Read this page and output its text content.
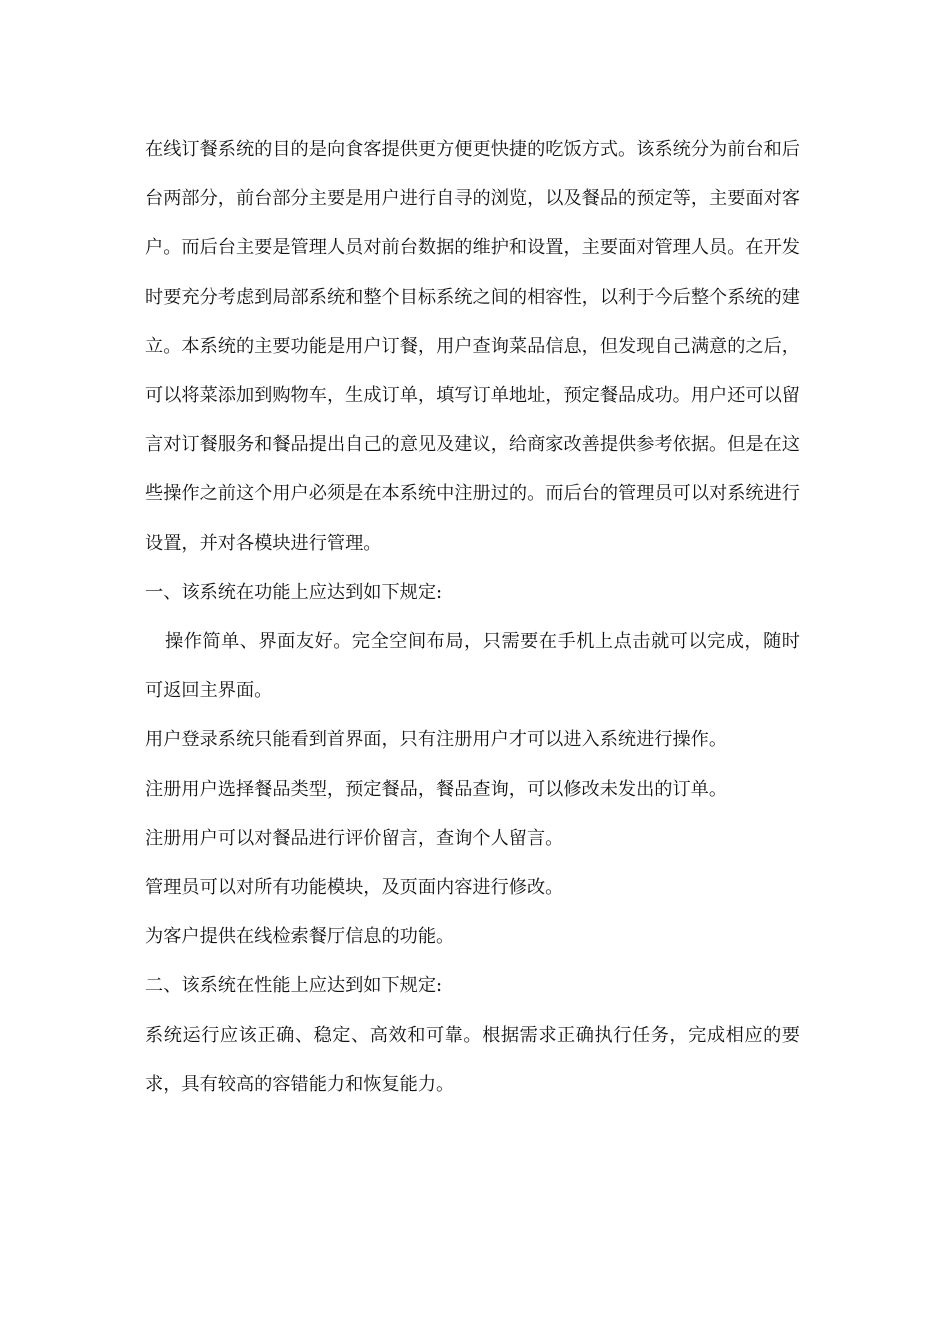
在线订餐系统的目的是向食客提供更方便更快捷的吃饭方式。该系统分为前台和后台两部分，前台部分主要是用户进行自寻的浏览，以及餐品的预定等，主要面对客户。而后台主要是管理人员对前台数据的维护和设置，主要面对管理人员。在开发时要充分考虑到局部系统和整个目标系统之间的相容性，以利于今后整个系统的建立。本系统的主要功能是用户订餐，用户查询菜品信息，但发现自己满意的之后，可以将菜添加到购物车，生成订单，填写订单地址，预定餐品成功。用户还可以留言对订餐服务和餐品提出自己的意见及建议，给商家改善提供参考依据。但是在这些操作之前这个用户必须是在本系统中注册过的。而后台的管理员可以对系统进行设置，并对各模块进行管理。

一、该系统在功能上应达到如下规定:

操作简单、界面友好。完全空间布局，只需要在手机上点击就可以完成，随时可返回主界面。

用户登录系统只能看到首界面，只有注册用户才可以进入系统进行操作。

注册用户选择餐品类型，预定餐品，餐品查询，可以修改未发出的订单。

注册用户可以对餐品进行评价留言，查询个人留言。

管理员可以对所有功能模块，及页面内容进行修改。

为客户提供在线检索餐厅信息的功能。

二、该系统在性能上应达到如下规定:

系统运行应该正确、稳定、高效和可靠。根据需求正确执行任务，完成相应的要求，具有较高的容错能力和恢复能力。
